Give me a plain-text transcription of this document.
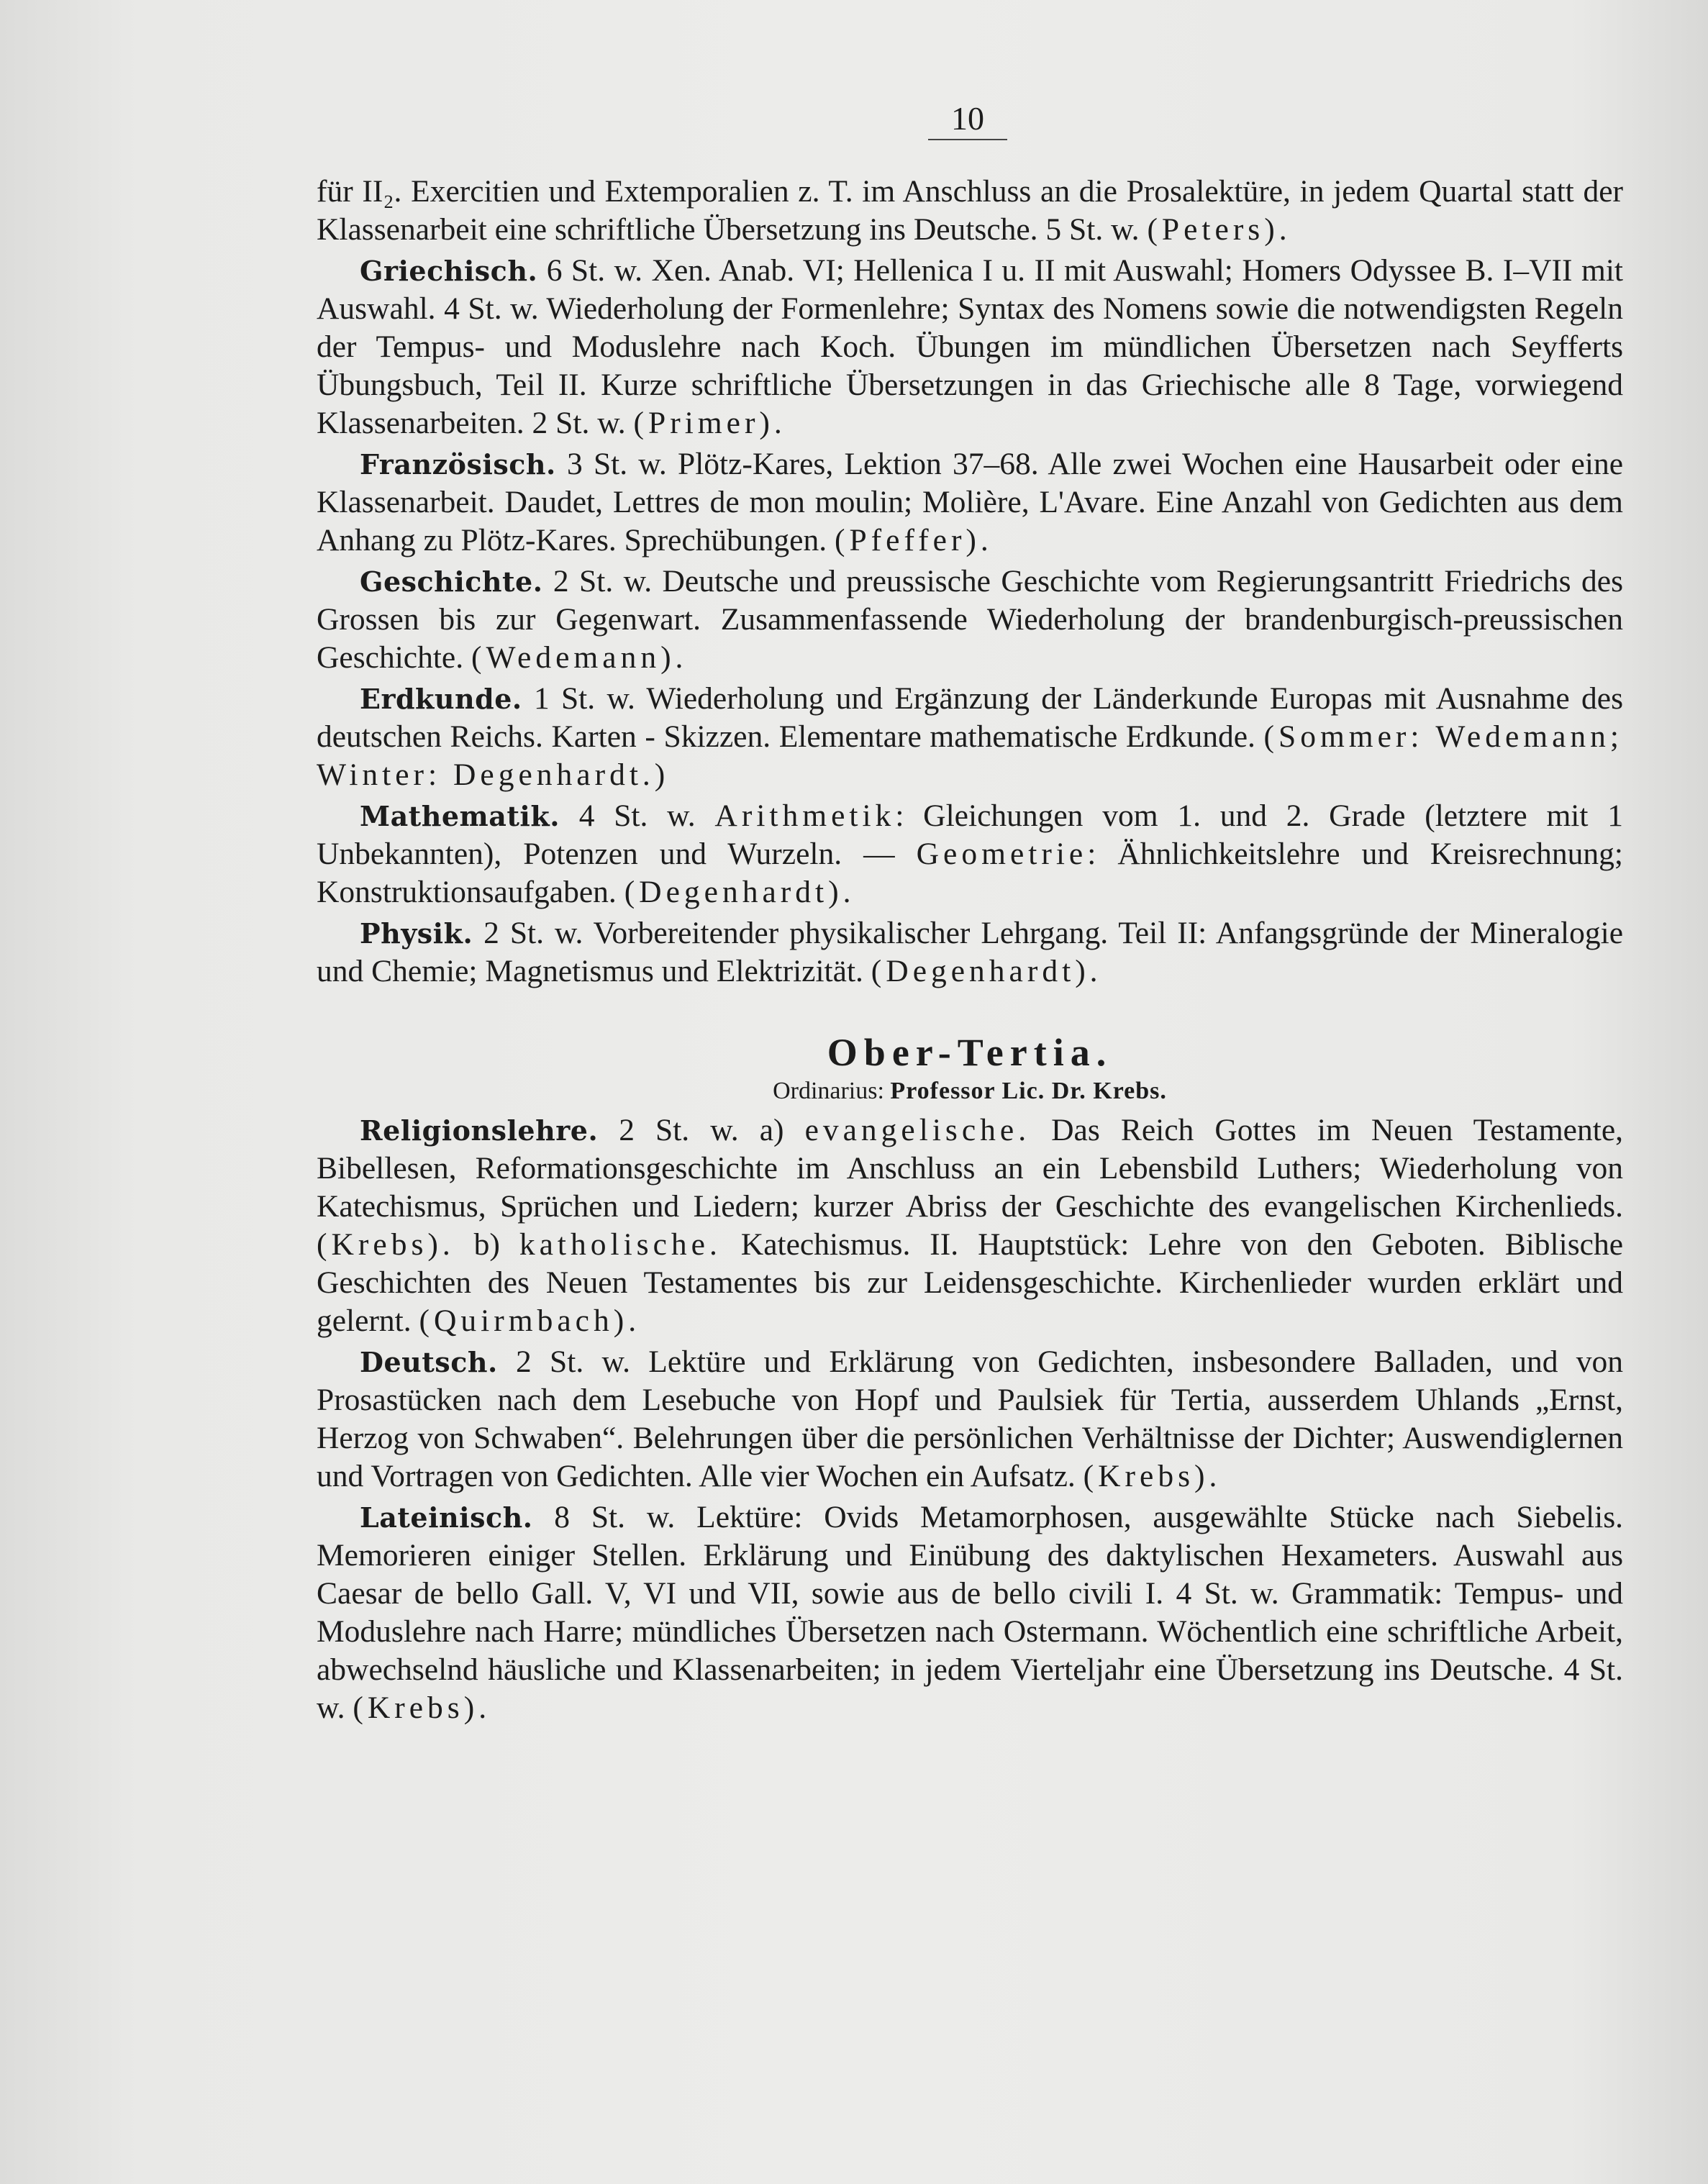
10

für II₂. Exercitien und Extemporalien z. T. im Anschluss an die Prosalektüre, in jedem Quartal statt der Klassenarbeit eine schriftliche Übersetzung ins Deutsche. 5 St. w. (Peters).

Griechisch. 6 St. w. Xen. Anab. VI; Hellenica I u. II mit Auswahl; Homers Odyssee B. I–VII mit Auswahl. 4 St. w. Wiederholung der Formenlehre; Syntax des Nomens sowie die notwendigsten Regeln der Tempus- und Moduslehre nach Koch. Übungen im mündlichen Übersetzen nach Seyfferts Übungsbuch, Teil II. Kurze schriftliche Übersetzungen in das Griechische alle 8 Tage, vorwiegend Klassenarbeiten. 2 St. w. (Primer).

Französisch. 3 St. w. Plötz-Kares, Lektion 37–68. Alle zwei Wochen eine Hausarbeit oder eine Klassenarbeit. Daudet, Lettres de mon moulin; Molière, L'Avare. Eine Anzahl von Gedichten aus dem Anhang zu Plötz-Kares. Sprechübungen. (Pfeffer).

Geschichte. 2 St. w. Deutsche und preussische Geschichte vom Regierungsantritt Friedrichs des Grossen bis zur Gegenwart. Zusammenfassende Wiederholung der brandenburgisch-preussischen Geschichte. (Wedemann).

Erdkunde. 1 St. w. Wiederholung und Ergänzung der Länderkunde Europas mit Ausnahme des deutschen Reichs. Karten - Skizzen. Elementare mathematische Erdkunde. (Sommer: Wedemann; Winter: Degenhardt.)

Mathematik. 4 St. w. Arithmetik: Gleichungen vom 1. und 2. Grade (letztere mit 1 Unbekannten), Potenzen und Wurzeln. — Geometrie: Ähnlichkeitslehre und Kreisrechnung; Konstruktionsaufgaben. (Degenhardt).

Physik. 2 St. w. Vorbereitender physikalischer Lehrgang. Teil II: Anfangsgründe der Mineralogie und Chemie; Magnetismus und Elektrizität. (Degenhardt).

Ober-Tertia.
Ordinarius: Professor Lic. Dr. Krebs.

Religionslehre. 2 St. w. a) evangelische. Das Reich Gottes im Neuen Testamente, Bibellesen, Reformationsgeschichte im Anschluss an ein Lebensbild Luthers; Wiederholung von Katechismus, Sprüchen und Liedern; kurzer Abriss der Geschichte des evangelischen Kirchenlieds. (Krebs). b) katholische. Katechismus. II. Hauptstück: Lehre von den Geboten. Biblische Geschichten des Neuen Testamentes bis zur Leidensgeschichte. Kirchenlieder wurden erklärt und gelernt. (Quirmbach).

Deutsch. 2 St. w. Lektüre und Erklärung von Gedichten, insbesondere Balladen, und von Prosastücken nach dem Lesebuche von Hopf und Paulsiek für Tertia, ausserdem Uhlands „Ernst, Herzog von Schwaben“. Belehrungen über die persönlichen Verhältnisse der Dichter; Auswendiglernen und Vortragen von Gedichten. Alle vier Wochen ein Aufsatz. (Krebs).

Lateinisch. 8 St. w. Lektüre: Ovids Metamorphosen, ausgewählte Stücke nach Siebelis. Memorieren einiger Stellen. Erklärung und Einübung des daktylischen Hexameters. Auswahl aus Caesar de bello Gall. V, VI und VII, sowie aus de bello civili I. 4 St. w. Grammatik: Tempus- und Moduslehre nach Harre; mündliches Übersetzen nach Ostermann. Wöchentlich eine schriftliche Arbeit, abwechselnd häusliche und Klassenarbeiten; in jedem Vierteljahr eine Übersetzung ins Deutsche. 4 St. w. (Krebs).
